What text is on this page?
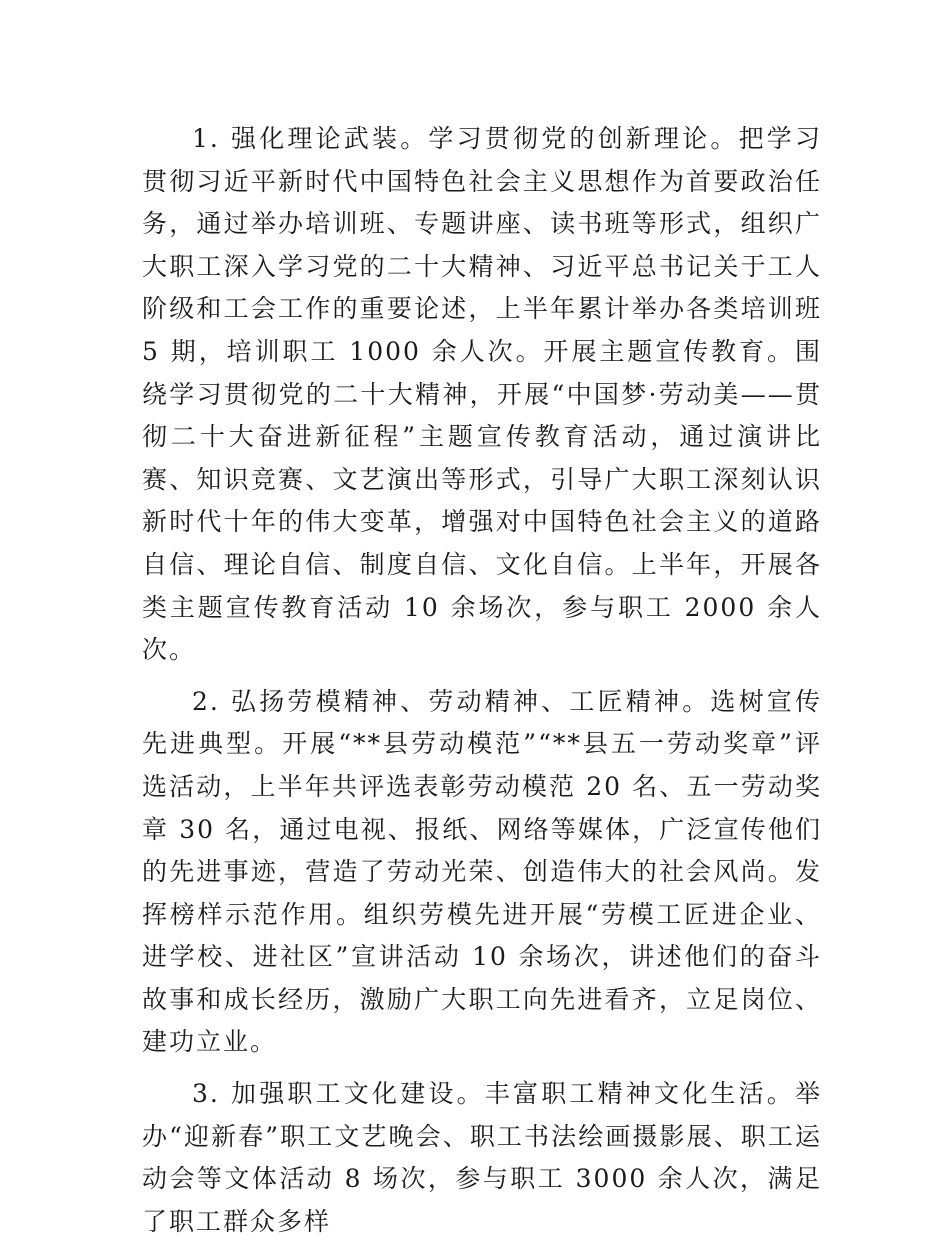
1. 强化理论武装。学习贯彻党的创新理论。把学习贯彻习近平新时代中国特色社会主义思想作为首要政治任务，通过举办培训班、专题讲座、读书班等形式，组织广大职工深入学习党的二十大精神、习近平总书记关于工人阶级和工会工作的重要论述，上半年累计举办各类培训班 5 期，培训职工 1000 余人次。开展主题宣传教育。围绕学习贯彻党的二十大精神，开展“中国梦·劳动美——贯彻二十大奋进新征程”主题宣传教育活动，通过演讲比赛、知识竞赛、文艺演出等形式，引导广大职工深刻认识新时代十年的伟大变革，增强对中国特色社会主义的道路自信、理论自信、制度自信、文化自信。上半年，开展各类主题宣传教育活动 10 余场次，参与职工 2000 余人次。

2. 弘扬劳模精神、劳动精神、工匠精神。选树宣传先进典型。开展“**县劳动模范”“**县五一劳动奖章”评选活动，上半年共评选表彰劳动模范 20 名、五一劳动奖章 30 名，通过电视、报纸、网络等媒体，广泛宣传他们的先进事迹，营造了劳动光荣、创造伟大的社会风尚。发挥榜样示范作用。组织劳模先进开展“劳模工匠进企业、进学校、进社区”宣讲活动 10 余场次，讲述他们的奋斗故事和成长经历，激励广大职工向先进看齐，立足岗位、建功立业。

3. 加强职工文化建设。丰富职工精神文化生活。举办“迎新春”职工文艺晚会、职工书法绘画摄影展、职工运动会等文体活动 8 场次，参与职工 3000 余人次，满足了职工群众多样
